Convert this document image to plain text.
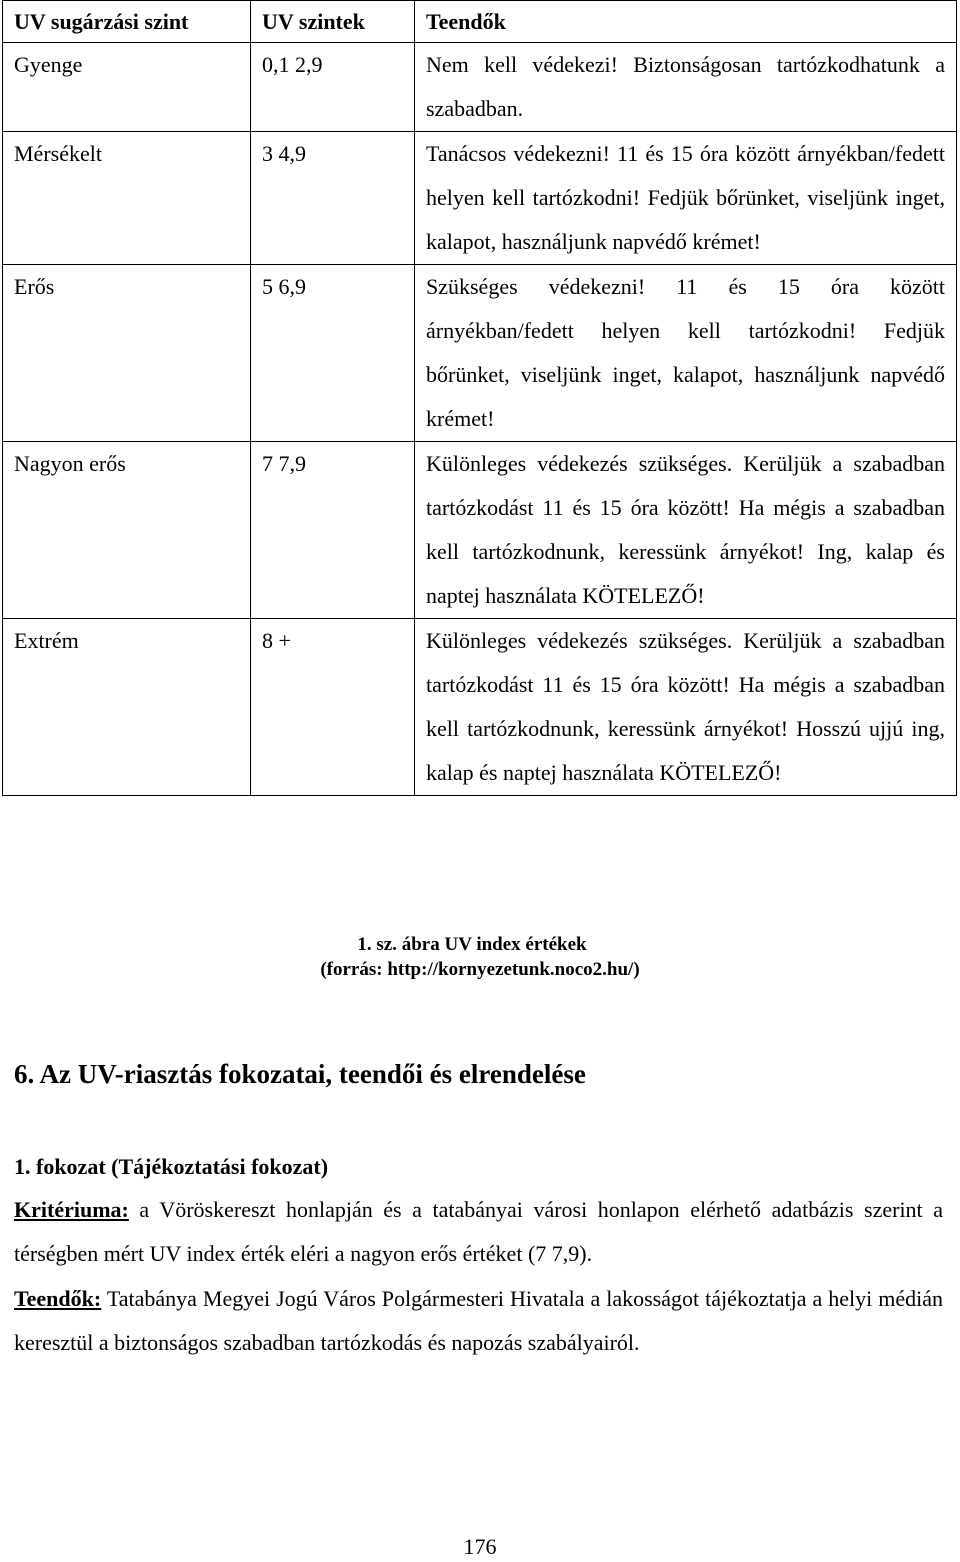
UV sugárzási szint	UV szintek	Teendők
Gyenge	0,1 2,9	Nem kell védekezi! Biztonságosan tartózkodhatunk a szabadban.
Mérsékelt	3 4,9	Tanácsos védekezni! 11 és 15 óra között árnyékban/fedett helyen kell tartózkodni! Fedjük bőrünket, viseljünk inget, kalapot, használjunk napvédő krémet!
Erős	5 6,9	Szükséges védekezni! 11 és 15 óra között árnyékban/fedett helyen kell tartózkodni! Fedjük bőrünket, viseljünk inget, kalapot, használjunk napvédő krémet!
Nagyon erős	7 7,9	Különleges védekezés szükséges. Kerüljük a szabadban tartózkodást 11 és 15 óra között! Ha mégis a szabadban kell tartózkodnunk, keressünk árnyékot! Ing, kalap és naptej használata KÖTELEZŐ!
Extrém	8 +	Különleges védekezés szükséges. Kerüljük a szabadban tartózkodást 11 és 15 óra között! Ha mégis a szabadban kell tartózkodnunk, keressünk árnyékot! Hosszú ujjú ing, kalap és naptej használata KÖTELEZŐ!
1. sz. ábra UV index értékek
(forrás: http://kornyezetunk.noco2.hu/)
6. Az UV-riasztás fokozatai, teendői és elrendelése
1. fokozat (Tájékoztatási fokozat)

Kritériuma: a Vöröskereszt honlapján és a tatabányai városi honlapon elérhető adatbázis szerint a térségben mért UV index érték eléri a nagyon erős értéket (7 7,9).

Teendők: Tatabánya Megyei Jogú Város Polgármesteri Hivatala a lakosságot tájékoztatja a helyi médián keresztül a biztonságos szabadban tartózkodás és napozás szabályairól.

176
